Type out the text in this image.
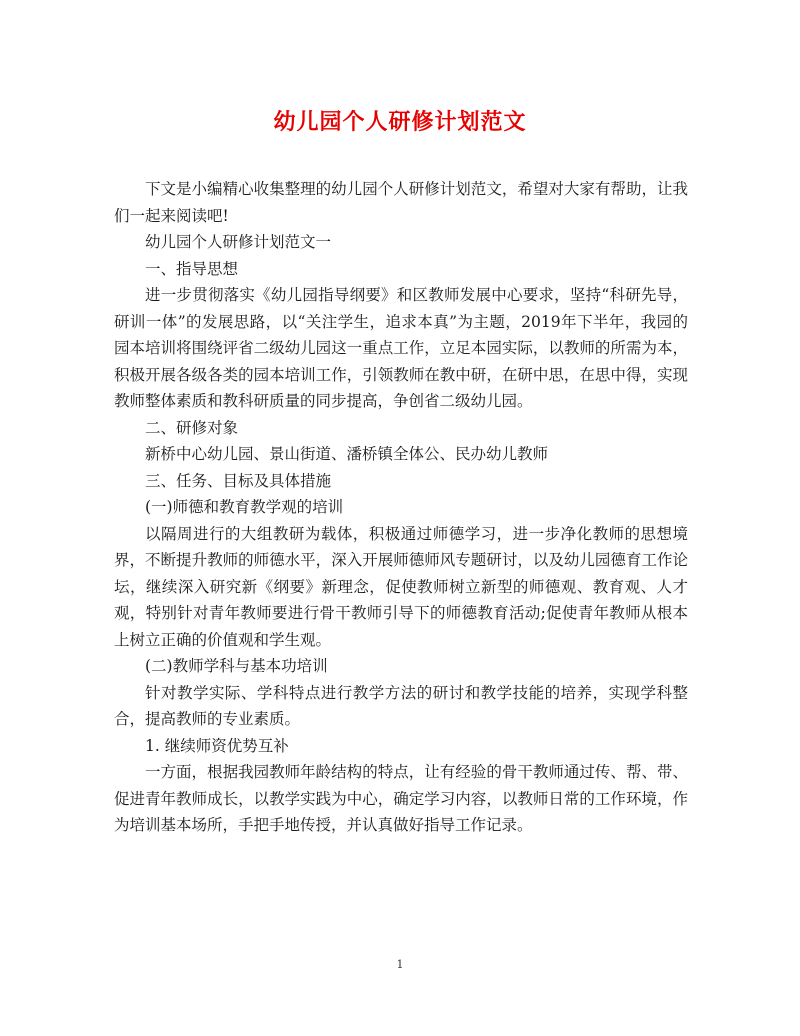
幼儿园个人研修计划范文

下文是小编精心收集整理的幼儿园个人研修计划范文，希望对大家有帮助，让我们一起来阅读吧!

幼儿园个人研修计划范文一

一、指导思想

进一步贯彻落实《幼儿园指导纲要》和区教师发展中心要求，坚持“科研先导，研训一体”的发展思路，以“关注学生，追求本真”为主题，2019年下半年，我园的园本培训将围绕评省二级幼儿园这一重点工作，立足本园实际，以教师的所需为本，积极开展各级各类的园本培训工作，引领教师在教中研，在研中思，在思中得，实现教师整体素质和教科研质量的同步提高，争创省二级幼儿园。

二、研修对象

新桥中心幼儿园、景山街道、潘桥镇全体公、民办幼儿教师

三、任务、目标及具体措施

(一)师德和教育教学观的培训

以隔周进行的大组教研为载体，积极通过师德学习，进一步净化教师的思想境界，不断提升教师的师德水平，深入开展师德师风专题研讨，以及幼儿园德育工作论坛，继续深入研究新《纲要》新理念，促使教师树立新型的师德观、教育观、人才观，特别针对青年教师要进行骨干教师引导下的师德教育活动;促使青年教师从根本上树立正确的价值观和学生观。

(二)教师学科与基本功培训

针对教学实际、学科特点进行教学方法的研讨和教学技能的培养，实现学科整合，提高教师的专业素质。

1. 继续师资优势互补

一方面，根据我园教师年龄结构的特点，让有经验的骨干教师通过传、帮、带、促进青年教师成长，以教学实践为中心，确定学习内容，以教师日常的工作环境，作为培训基本场所，手把手地传授，并认真做好指导工作记录。

1
